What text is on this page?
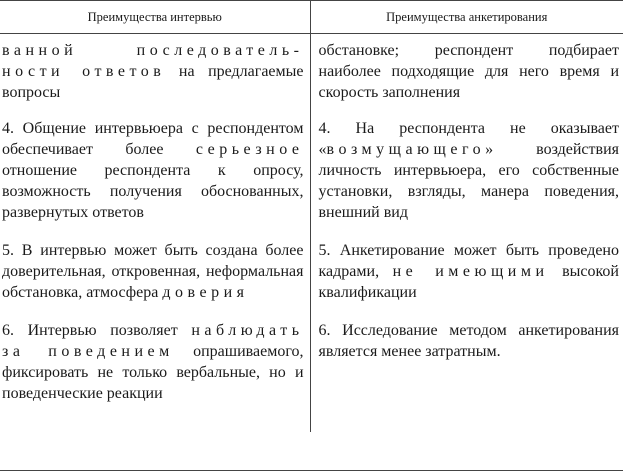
Преимущества интервью	Преимущества анкетирования

ванной последователь- ности ответов на предлагаемые вопросы	обстановке; респондент подбирает наиболее подходящие для него время и скорость заполнения

4. Общение интервьюера с респондентом обеспечивает более серьезное отношение респондента к опросу, возможность получения обоснованных, развернутых ответов	4. На респондента не оказывает «возмущающего» воздействия личность интервьюера, его собственные установки, взгляды, манера поведения, внешний вид

5. В интервью может быть создана более доверительная, откровенная, неформальная обстановка, атмосфера доверия	5. Анкетирование может быть проведено кадрами, не имеющими высокой квалификации

6. Интервью позволяет наблюдать за поведением опрашиваемого, фиксировать не только вербальные, но и поведенческие реакции	6. Исследование методом анкетирования является менее затратным.
